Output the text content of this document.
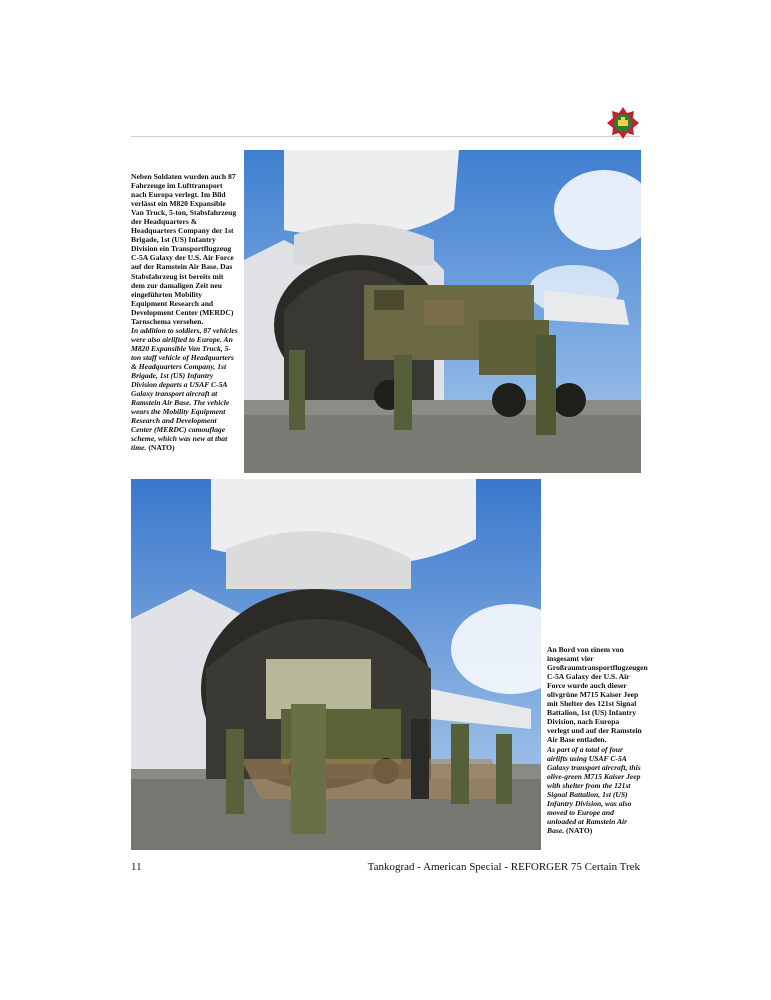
Neben Soldaten wurden auch 87 Fahrzeuge im Lufttransport nach Europa verlegt. Im Bild verlässt ein M820 Expansible Van Truck, 5-ton, Stabsfahrzeug der Headquarters & Headquarters Company der 1st Brigade, 1st (US) Infantry Division ein Transportflugzeug C-5A Galaxy der U.S. Air Force auf der Ramstein Air Base. Das Stabsfahrzeug ist bereits mit dem zur damaligen Zeit neu eingeführten Mobility Equipment Research and Development Center (MERDC) Tarnschema versehen.

In addition to soldiers, 87 vehicles were also airlifted to Europe. An M820 Expansible Van Truck, 5-ton staff vehicle of Headquarters & Headquarters Company, 1st Brigade, 1st (US) Infantry Division departs a USAF C-5A Galaxy transport aircraft at Ramstein Air Base. The vehicle wears the Mobility Equipment Research and Development Center (MERDC) camouflage scheme, which was new at that time. (NATO)

An Bord von einem von insgesamt vier Großraumtransportflugzeugen C-5A Galaxy der U.S. Air Force wurde auch dieser olivgrüne M715 Kaiser Jeep mit Shelter des 121st Signal Battalion, 1st (US) Infantry Division, nach Europa verlegt und auf der Ramstein Air Base entladen.

As part of a total of four airlifts using USAF C-5A Galaxy transport aircraft, this olive-green M715 Kaiser Jeep with shelter from the 121st Signal Battalion, 1st (US) Infantry Division, was also moved to Europe and unloaded at Ramstein Air Base. (NATO)

11	Tankograd - American Special - REFORGER 75 Certain Trek
